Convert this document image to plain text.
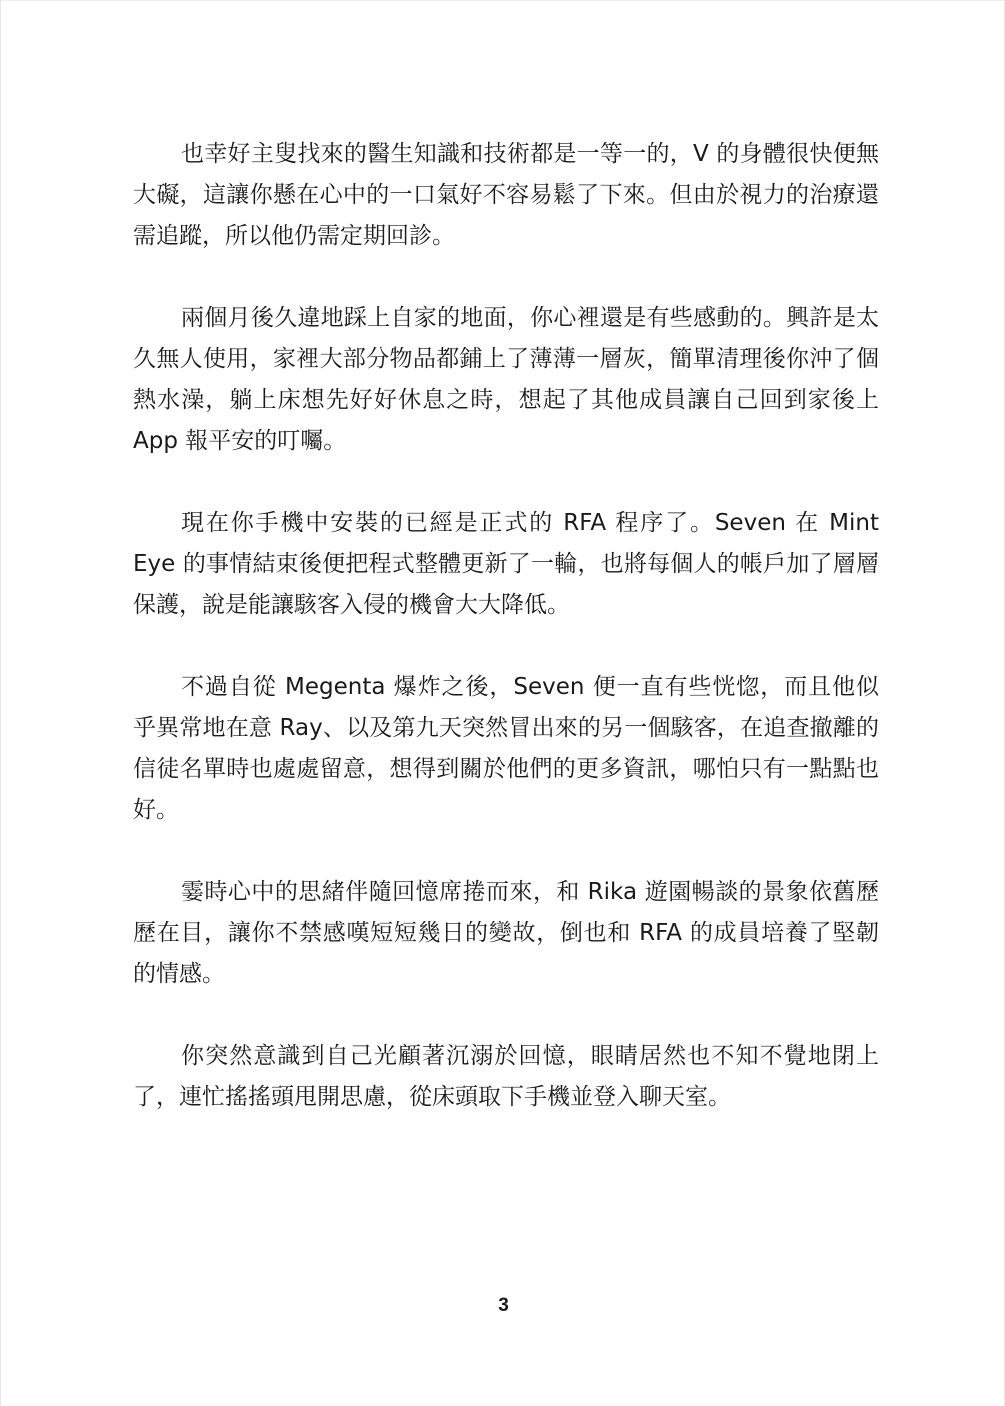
也幸好主叟找來的醫生知識和技術都是一等一的，V 的身體很快便無大礙，這讓你懸在心中的一口氣好不容易鬆了下來。但由於視力的治療還需追蹤，所以他仍需定期回診。

兩個月後久違地踩上自家的地面，你心裡還是有些感動的。興許是太久無人使用，家裡大部分物品都鋪上了薄薄一層灰，簡單清理後你沖了個熱水澡，躺上床想先好好休息之時，想起了其他成員讓自己回到家後上 App 報平安的叮囑。

現在你手機中安裝的已經是正式的 RFA 程序了。Seven 在 Mint Eye 的事情結束後便把程式整體更新了一輪，也將每個人的帳戶加了層層保護，說是能讓駭客入侵的機會大大降低。

不過自從 Megenta 爆炸之後，Seven 便一直有些恍惚，而且他似乎異常地在意 Ray、以及第九天突然冒出來的另一個駭客，在追查撤離的信徒名單時也處處留意，想得到關於他們的更多資訊，哪怕只有一點點也好。

霎時心中的思緒伴隨回憶席捲而來，和 Rika 遊園暢談的景象依舊歷歷在目，讓你不禁感嘆短短幾日的變故，倒也和 RFA 的成員培養了堅韌的情感。

你突然意識到自己光顧著沉溺於回憶，眼睛居然也不知不覺地閉上了，連忙搖搖頭甩開思慮，從床頭取下手機並登入聊天室。

3
